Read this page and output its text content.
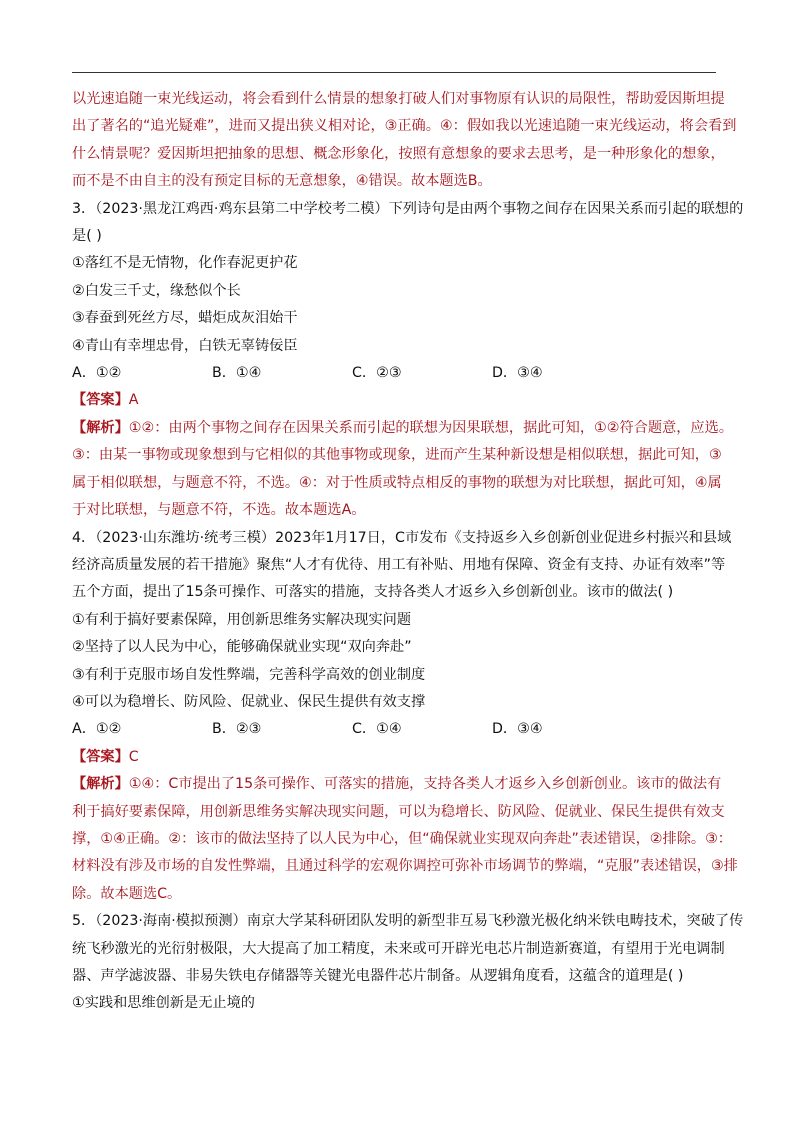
以光速追随一束光线运动，将会看到什么情景的想象打破人们对事物原有认识的局限性，帮助爱因斯坦提
出了著名的“追光疑难”，进而又提出狭义相对论，③正确。④：假如我以光速追随一束光线运动，将会看到
什么情景呢？爱因斯坦把抽象的思想、概念形象化，按照有意想象的要求去思考，是一种形象化的想象，
而不是不由自主的没有预定目标的无意想象，④错误。故本题选B。
3．（2023·黑龙江鸡西·鸡东县第二中学校考二模）下列诗句是由两个事物之间存在因果关系而引起的联想的
是( )
①落红不是无情物，化作春泥更护花
②白发三千丈，缘愁似个长
③春蚕到死丝方尽，蜡炬成灰泪始干
④青山有幸埋忠骨，白铁无辜铸佞臣
A．①②	B．①④	C．②③	D．③④
【答案】A
【解析】①②：由两个事物之间存在因果关系而引起的联想为因果联想，据此可知，①②符合题意，应选。
③：由某一事物或现象想到与它相似的其他事物或现象，进而产生某种新设想是相似联想，据此可知，③
属于相似联想，与题意不符，不选。④：对于性质或特点相反的事物的联想为对比联想，据此可知，④属
于对比联想，与题意不符，不选。故本题选A。
4．（2023·山东潍坊·统考三模）2023年1月17日，C市发布《支持返乡入乡创新创业促进乡村振兴和县域
经济高质量发展的若干措施》聚焦“人才有优待、用工有补贴、用地有保障、资金有支持、办证有效率”等
五个方面，提出了15条可操作、可落实的措施，支持各类人才返乡入乡创新创业。该市的做法( )
①有利于搞好要素保障，用创新思维务实解决现实问题
②坚持了以人民为中心，能够确保就业实现“双向奔赴”
③有利于克服市场自发性弊端，完善科学高效的创业制度
④可以为稳增长、防风险、促就业、保民生提供有效支撑
A．①②	B．②③	C．①④	D．③④
【答案】C
【解析】①④：C市提出了15条可操作、可落实的措施，支持各类人才返乡入乡创新创业。该市的做法有
利于搞好要素保障，用创新思维务实解决现实问题，可以为稳增长、防风险、促就业、保民生提供有效支
撑，①④正确。②：该市的做法坚持了以人民为中心，但“确保就业实现双向奔赴”表述错误，②排除。③：
材料没有涉及市场的自发性弊端，且通过科学的宏观你调控可弥补市场调节的弊端，“克服”表述错误，③排
除。故本题选C。
5．（2023·海南·模拟预测）南京大学某科研团队发明的新型非互易飞秒激光极化纳米铁电畴技术，突破了传
统飞秒激光的光衍射极限，大大提高了加工精度，未来或可开辟光电芯片制造新赛道，有望用于光电调制
器、声学滤波器、非易失铁电存储器等关键光电器件芯片制备。从逻辑角度看，这蕴含的道理是( )
①实践和思维创新是无止境的
